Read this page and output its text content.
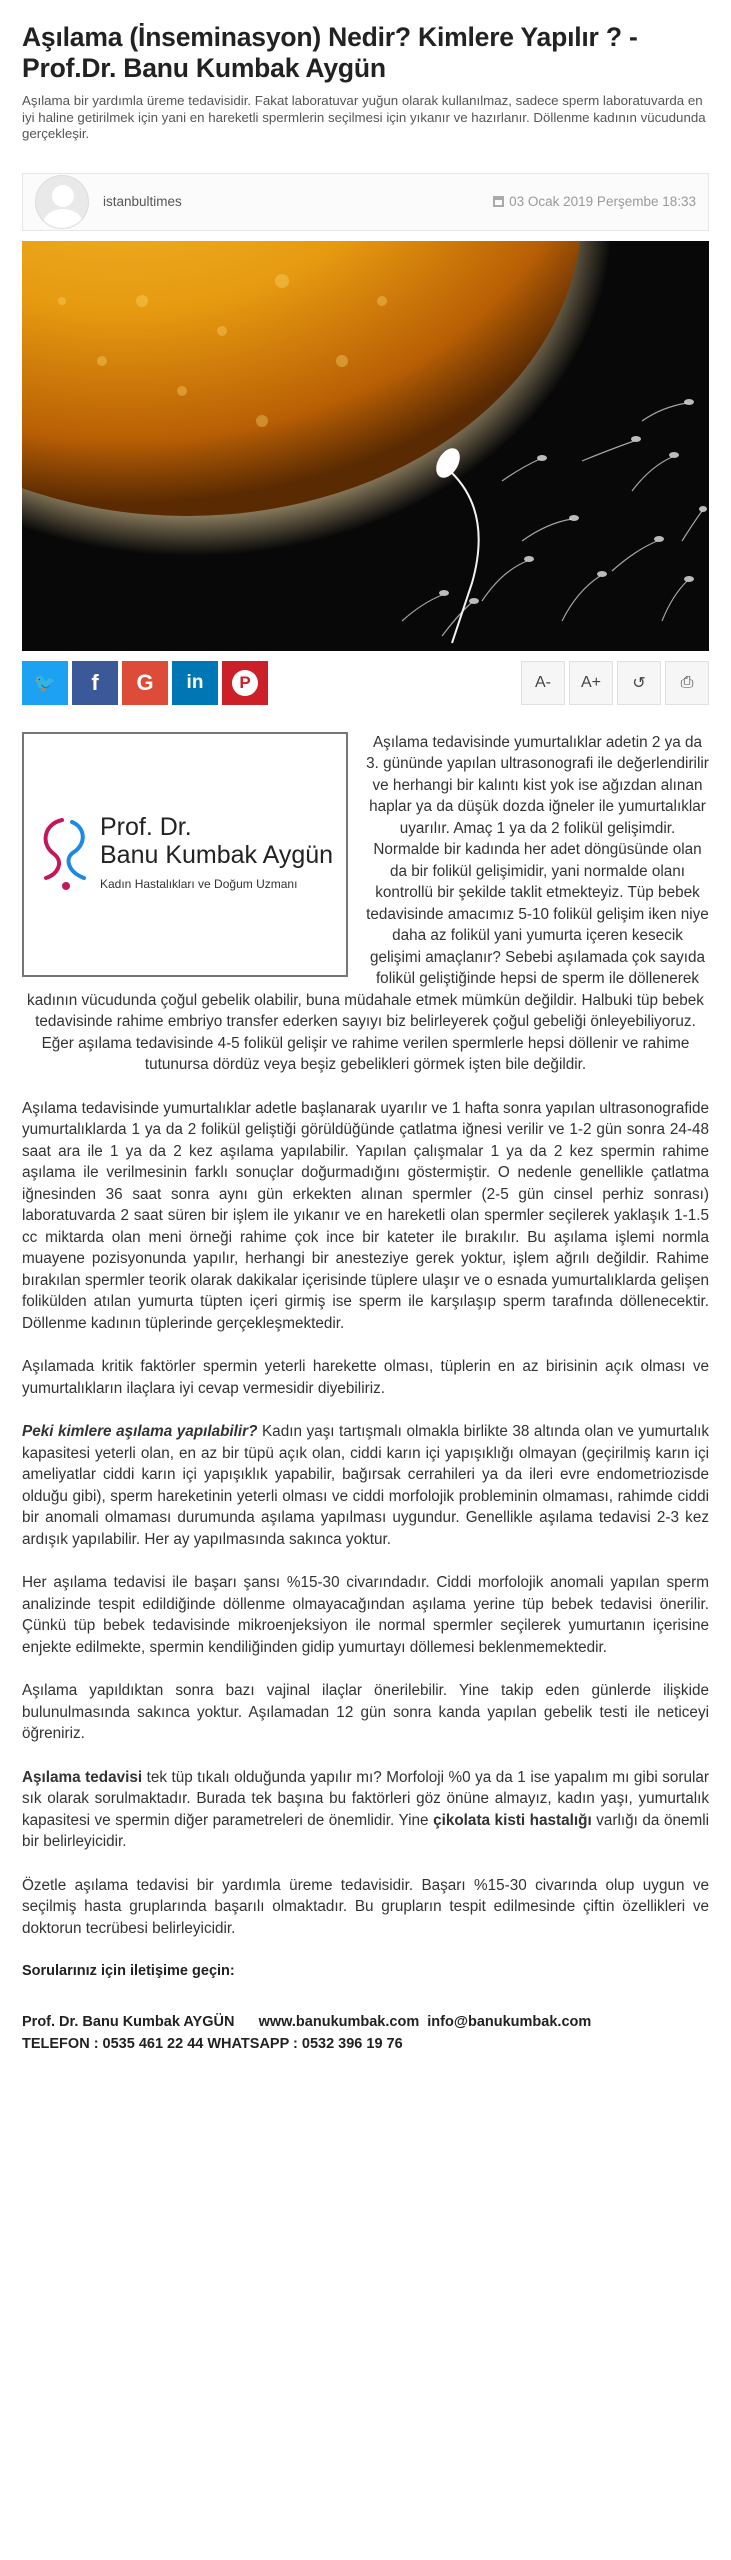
Aşılama (İnseminasyon) Nedir? Kimlere Yapılır ? - Prof.Dr. Banu Kumbak Aygün

Aşılama bir yardımla üreme tedavisidir. Fakat laboratuvar yuğun olarak kullanılmaz, sadece sperm laboratuvarda en iyi haline getirilmek için yani en hareketli spermlerin seçilmesi için yıkanır ve hazırlanır. Döllenme kadının vücudunda gerçekleşir.

istanbultimes	03 Ocak 2019 Perşembe 18:33
🐦 f G in	P	A- A+ ↺ ⎙
Prof. Dr.
Banu Kumbak Aygün
Kadın Hastalıkları ve Doğum Uzmanı

Aşılama tedavisinde yumurtalıklar adetin 2 ya da 3. gününde yapılan ultrasonografi ile değerlendirilir ve herhangi bir kalıntı kist yok ise ağızdan alınan haplar ya da düşük dozda iğneler ile yumurtalıklar uyarılır. Amaç 1 ya da 2 folikül gelişimdir. Normalde bir kadında her adet döngüsünde olan da bir folikül gelişimidir, yani normalde olanı kontrollü bir şekilde taklit etmekteyiz. Tüp bebek tedavisinde amacımız 5-10 folikül gelişim iken niye daha az folikül yani yumurta içeren kesecik gelişimi amaçlanır? Sebebi aşılamada çok sayıda folikül geliştiğinde hepsi de sperm ile döllenerek kadının vücudunda çoğul gebelik olabilir, buna müdahale etmek mümkün değildir. Halbuki tüp bebek tedavisinde rahime embriyo transfer ederken sayıyı biz belirleyerek çoğul gebeliği önleyebiliyoruz. Eğer aşılama tedavisinde 4-5 folikül gelişir ve rahime verilen spermlerle hepsi döllenir ve rahime tutunursa dördüz veya beşiz gebelikleri görmek işten bile değildir.

Aşılama tedavisinde yumurtalıklar adetle başlanarak uyarılır ve 1 hafta sonra yapılan ultrasonografide yumurtalıklarda 1 ya da 2 folikül geliştiği görüldüğünde çatlatma iğnesi verilir ve 1-2 gün sonra 24-48 saat ara ile 1 ya da 2 kez aşılama yapılabilir. Yapılan çalışmalar 1 ya da 2 kez spermin rahime aşılama ile verilmesinin farklı sonuçlar doğurmadığını göstermiştir. O nedenle genellikle çatlatma iğnesinden 36 saat sonra aynı gün erkekten alınan spermler (2-5 gün cinsel perhiz sonrası) laboratuvarda 2 saat süren bir işlem ile yıkanır ve en hareketli olan spermler seçilerek yaklaşık 1-1.5 cc miktarda olan meni örneği rahime çok ince bir kateter ile bırakılır. Bu aşılama işlemi normla muayene pozisyonunda yapılır, herhangi bir anesteziye gerek yoktur, işlem ağrılı değildir. Rahime bırakılan spermler teorik olarak dakikalar içerisinde tüplere ulaşır ve o esnada yumurtalıklarda gelişen folikülden atılan yumurta tüpten içeri girmiş ise sperm ile karşılaşıp sperm tarafında döllenecektir. Döllenme kadının tüplerinde gerçekleşmektedir.

Aşılamada kritik faktörler spermin yeterli harekette olması, tüplerin en az birisinin açık olması ve yumurtalıkların ilaçlara iyi cevap vermesidir diyebiliriz.

Peki kimlere aşılama yapılabilir? Kadın yaşı tartışmalı olmakla birlikte 38 altında olan ve yumurtalık kapasitesi yeterli olan, en az bir tüpü açık olan, ciddi karın içi yapışıklığı olmayan (geçirilmiş karın içi ameliyatlar ciddi karın içi yapışıklık yapabilir, bağırsak cerrahileri ya da ileri evre endometriozisde olduğu gibi), sperm hareketinin yeterli olması ve ciddi morfolojik probleminin olmaması, rahimde ciddi bir anomali olmaması durumunda aşılama yapılması uygundur. Genellikle aşılama tedavisi 2-3 kez ardışık yapılabilir. Her ay yapılmasında sakınca yoktur.

Her aşılama tedavisi ile başarı şansı %15-30 civarındadır. Ciddi morfolojik anomali yapılan sperm analizinde tespit edildiğinde döllenme olmayacağından aşılama yerine tüp bebek tedavisi önerilir. Çünkü tüp bebek tedavisinde mikroenjeksiyon ile normal spermler seçilerek yumurtanın içerisine enjekte edilmekte, spermin kendiliğinden gidip yumurtayı döllemesi beklenmemektedir.

Aşılama yapıldıktan sonra bazı vajinal ilaçlar önerilebilir. Yine takip eden günlerde ilişkide bulunulmasında sakınca yoktur. Aşılamadan 12 gün sonra kanda yapılan gebelik testi ile neticeyi öğreniriz.

Aşılama tedavisi tek tüp tıkalı olduğunda yapılır mı? Morfoloji %0 ya da 1 ise yapalım mı gibi sorular sık olarak sorulmaktadır. Burada tek başına bu faktörleri göz önüne almayız, kadın yaşı, yumurtalık kapasitesi ve spermin diğer parametreleri de önemlidir. Yine çikolata kisti hastalığı varlığı da önemli bir belirleyicidir.

Özetle aşılama tedavisi bir yardımla üreme tedavisidir. Başarı %15-30 civarında olup uygun ve seçilmiş hasta gruplarında başarılı olmaktadır. Bu grupların tespit edilmesinde çiftin özellikleri ve doktorun tecrübesi belirleyicidir.

Sorularınız için iletişime geçin:
Prof. Dr. Banu Kumbak AYGÜN      www.banukumbak.com  info@banukumbak.com
TELEFON : 0535 461 22 44 WHATSAPP : 0532 396 19 76
